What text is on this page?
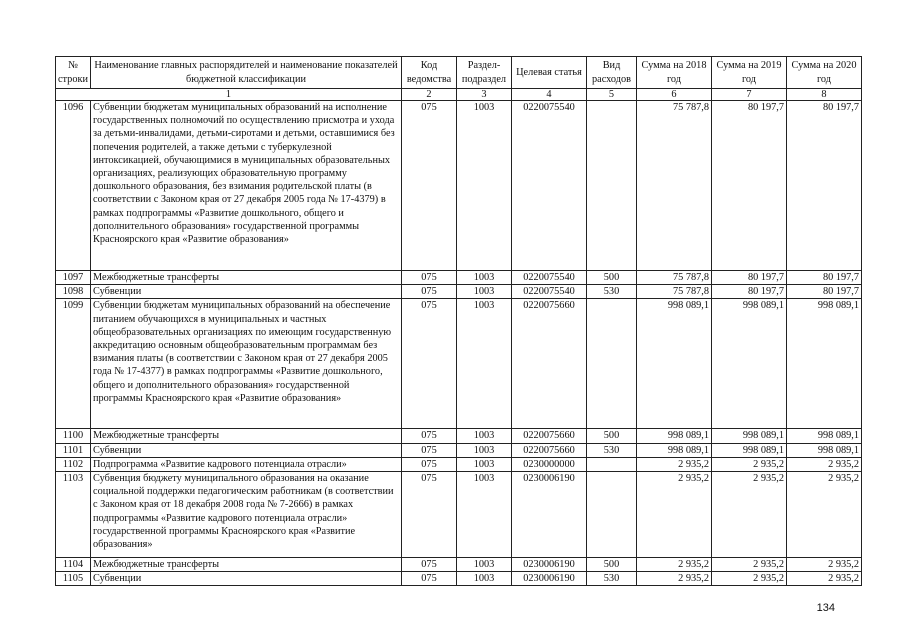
№ строки	Наименование главных распорядителей и наименование показателей бюджетной классификации	Код ведомства	Раздел-подраздел	Целевая статья	Вид расходов	Сумма на 2018 год	Сумма на 2019 год	Сумма на 2020 год
1		2	3	4	5	6	7	8
1096	Субвенции бюджетам муниципальных образований на исполнение государственных полномочий по осуществлению присмотра и ухода за детьми-инвалидами, детьми-сиротами и детьми, оставшимися без попечения родителей, а также детьми с туберкулезной интоксикацией, обучающимися в муниципальных образовательных организациях, реализующих образовательную программу дошкольного образования, без взимания родительской платы (в соответствии с Законом края от 27 декабря 2005 года № 17-4379) в рамках подпрограммы «Развитие дошкольного, общего и дополнительного образования» государственной программы Красноярского края «Развитие образования»	075	1003	0220075540		75 787,8	80 197,7	80 197,7
1097	Межбюджетные трансферты	075	1003	0220075540	500	75 787,8	80 197,7	80 197,7
1098	Субвенции	075	1003	0220075540	530	75 787,8	80 197,7	80 197,7
1099	Субвенции бюджетам муниципальных образований на обеспечение питанием обучающихся в муниципальных и частных общеобразовательных организациях по имеющим государственную аккредитацию основным общеобразовательным программам без взимания платы (в соответствии с Законом края от 27 декабря 2005 года № 17-4377) в рамках подпрограммы «Развитие дошкольного, общего и дополнительного образования» государственной программы Красноярского края «Развитие образования»	075	1003	0220075660		998 089,1	998 089,1	998 089,1
1100	Межбюджетные трансферты	075	1003	0220075660	500	998 089,1	998 089,1	998 089,1
1101	Субвенции	075	1003	0220075660	530	998 089,1	998 089,1	998 089,1
1102	Подпрограмма «Развитие кадрового потенциала отрасли»	075	1003	0230000000		2 935,2	2 935,2	2 935,2
1103	Субвенция бюджету муниципального образования на оказание социальной поддержки педагогическим работникам (в соответствии с Законом края от 18 декабря 2008 года № 7-2666) в рамках подпрограммы «Развитие кадрового потенциала отрасли» государственной программы Красноярского края «Развитие образования»	075	1003	0230006190		2 935,2	2 935,2	2 935,2
1104	Межбюджетные трансферты	075	1003	0230006190	500	2 935,2	2 935,2	2 935,2
1105	Субвенции	075	1003	0230006190	530	2 935,2	2 935,2	2 935,2
134
